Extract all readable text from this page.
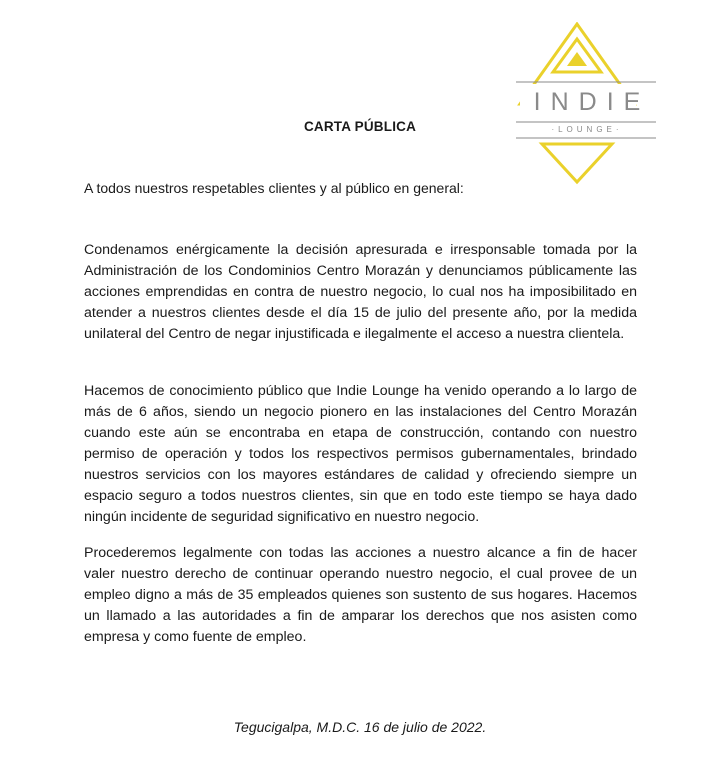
INDIE
·LOUNGE·
CARTA PÚBLICA
A todos nuestros respetables clientes y al público en general:
Condenamos enérgicamente la decisión apresurada e irresponsable tomada por la Administración de los Condominios Centro Morazán y denunciamos públicamente las acciones emprendidas en contra de nuestro negocio, lo cual nos ha imposibilitado en atender a nuestros clientes desde el día 15 de julio del presente año, por la medida unilateral del Centro de negar injustificada e ilegalmente el acceso a nuestra clientela.
Hacemos de conocimiento público que Indie Lounge ha venido operando a lo largo de más de 6 años, siendo un negocio pionero en las instalaciones del Centro Morazán cuando este aún se encontraba en etapa de construcción, contando con nuestro permiso de operación y todos los respectivos permisos gubernamentales, brindado nuestros servicios con los mayores estándares de calidad y ofreciendo siempre un espacio seguro a todos nuestros clientes, sin que en todo este tiempo se haya dado ningún incidente de seguridad significativo en nuestro negocio.
Procederemos legalmente con todas las acciones a nuestro alcance a fin de hacer valer nuestro derecho de continuar operando nuestro negocio, el cual provee de un empleo digno a más de 35 empleados quienes son sustento de sus hogares. Hacemos un llamado a las autoridades a fin de amparar los derechos que nos asisten como empresa y como fuente de empleo.
Tegucigalpa, M.D.C. 16 de julio de 2022.
